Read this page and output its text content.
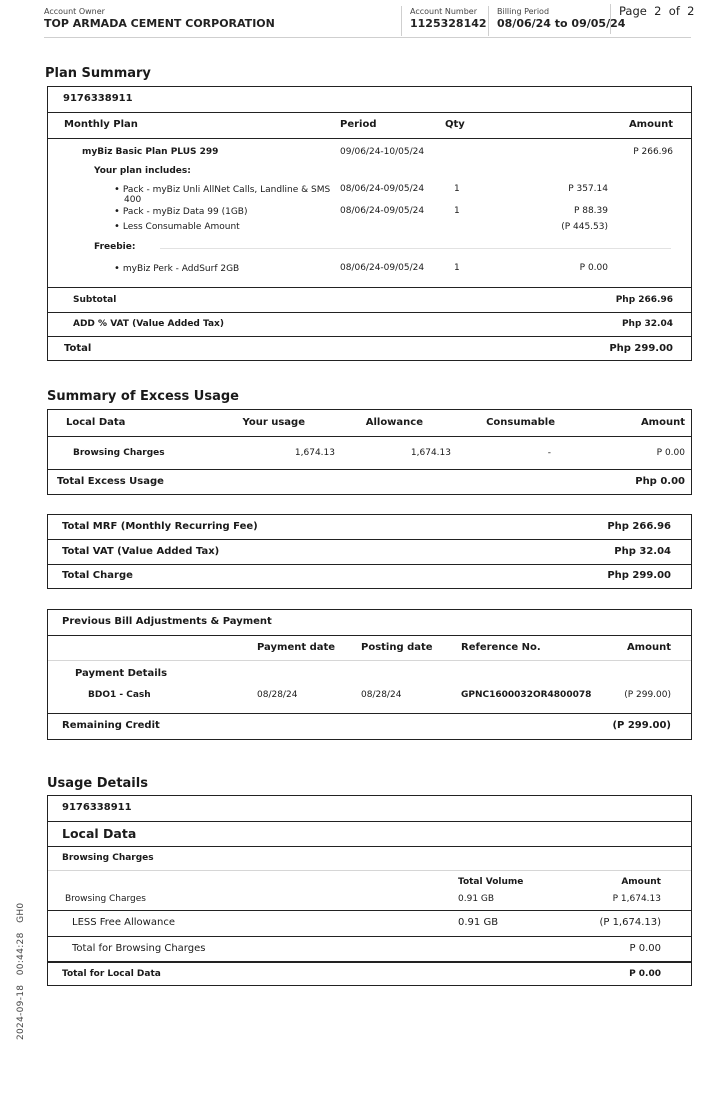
Account Owner
TOP ARMADA CEMENT CORPORATION
Account Number
1125328142
Billing Period
08/06/24 to 09/05/24
Page  2  of  2
Plan Summary
9176338911
Monthly Plan	Period	Qty	Amount
myBiz Basic Plan PLUS 299	09/06/24-10/05/24	P 266.96
Your plan includes:
• Pack - myBiz Unli AllNet Calls, Landline & SMS
400
08/06/24-09/05/24	1	P 357.14
• Pack - myBiz Data 99 (1GB)	08/06/24-09/05/24	1	P 88.39
• Less Consumable Amount	(P 445.53)
Freebie:
• myBiz Perk - AddSurf 2GB	08/06/24-09/05/24	1	P 0.00
Subtotal	Php 266.96
ADD % VAT (Value Added Tax)	Php 32.04
Total	Php 299.00
Summary of Excess Usage
Local Data	Your usage	Allowance	Consumable	Amount
Browsing Charges	1,674.13	1,674.13	-	P 0.00
Total Excess Usage	Php 0.00
Total MRF (Monthly Recurring Fee)	Php 266.96
Total VAT (Value Added Tax)	Php 32.04
Total Charge	Php 299.00
Previous Bill Adjustments & Payment
Payment date	Posting date	Reference No.	Amount
Payment Details
BDO1 - Cash	08/28/24	08/28/24	GPNC1600032OR4800078	(P 299.00)
Remaining Credit	(P 299.00)
Usage Details
9176338911
Local Data
Browsing Charges
Total Volume	Amount
Browsing Charges	0.91 GB	P 1,674.13
LESS Free Allowance	0.91 GB	(P 1,674.13)
Total for Browsing Charges	P 0.00
Total for Local Data	P 0.00
2024-09-18   00:44:28   GH0
